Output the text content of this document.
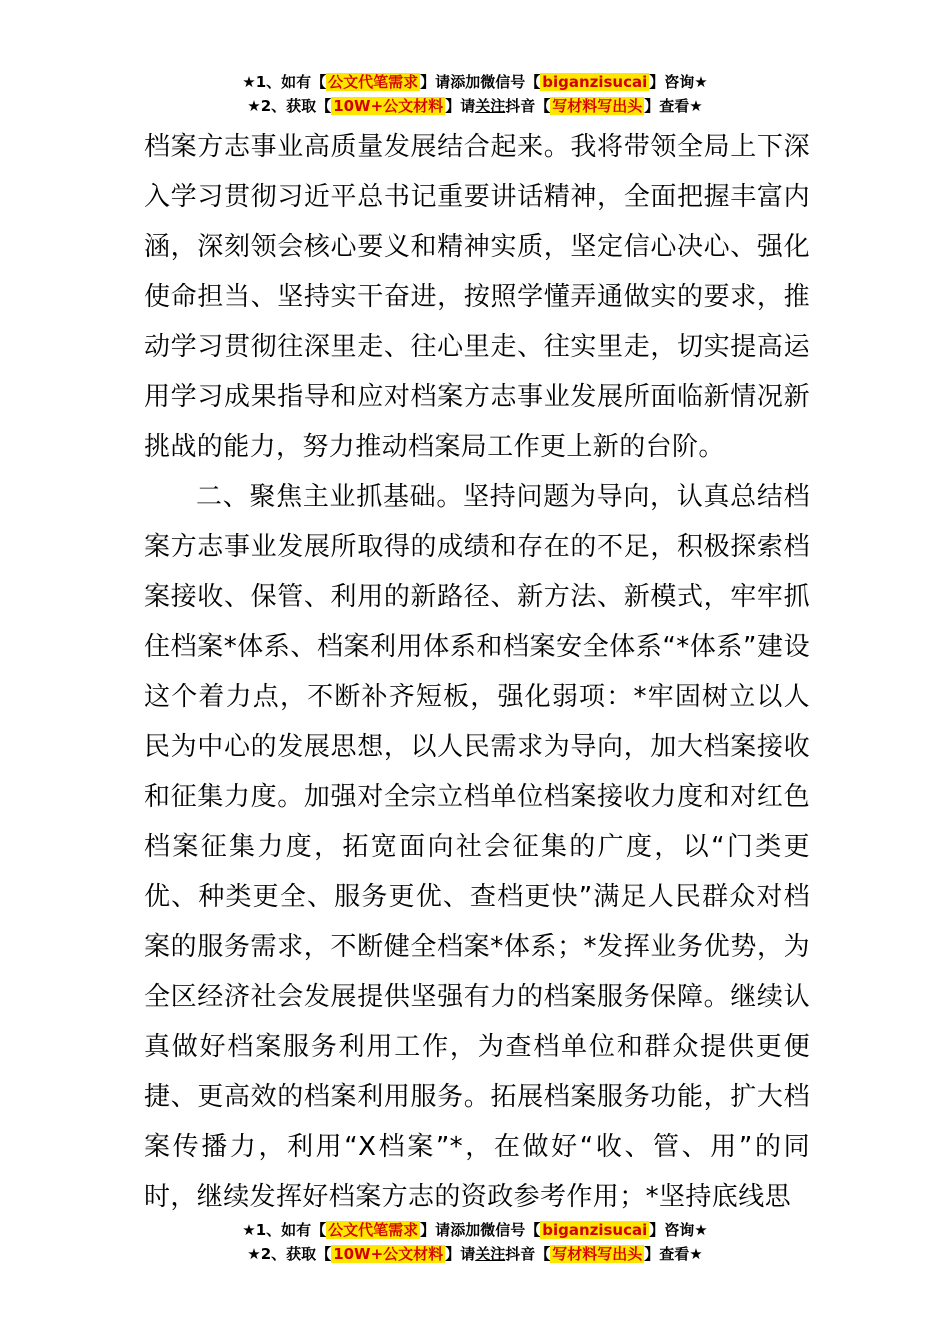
★1、如有【 公文代笔需求 】请添加微信号【 biganzisucai 】咨询★
★2、获取【 10W+公文材料 】请关注抖音【 写材料写出头 】查看★

档案方志事业高质量发展结合起来。我将带领全局上下深入学习贯彻习近平总书记重要讲话精神，全面把握丰富内涵，深刻领会核心要义和精神实质，坚定信心决心、强化使命担当、坚持实干奋进，按照学懂弄通做实的要求，推动学习贯彻往深里走、往心里走、往实里走，切实提高运用学习成果指导和应对档案方志事业发展所面临新情况新挑战的能力，努力推动档案局工作更上新的台阶。

二、聚焦主业抓基础。坚持问题为导向，认真总结档案方志事业发展所取得的成绩和存在的不足，积极探索档案接收、保管、利用的新路径、新方法、新模式，牢牢抓住档案*体系、档案利用体系和档案安全体系“*体系”建设这个着力点，不断补齐短板，强化弱项：*牢固树立以人民为中心的发展思想，以人民需求为导向，加大档案接收和征集力度。加强对全宗立档单位档案接收力度和对红色档案征集力度，拓宽面向社会征集的广度，以“门类更优、种类更全、服务更优、查档更快”满足人民群众对档案的服务需求，不断健全档案*体系；*发挥业务优势，为全区经济社会发展提供坚强有力的档案服务保障。继续认真做好档案服务利用工作，为查档单位和群众提供更便捷、更高效的档案利用服务。拓展档案服务功能，扩大档案传播力，利用“X档案”*，在做好“收、管、用”的同时，继续发挥好档案方志的资政参考作用；*坚持底线思

★1、如有【 公文代笔需求 】请添加微信号【 biganzisucai 】咨询★
★2、获取【 10W+公文材料 】请关注抖音【 写材料写出头 】查看★
